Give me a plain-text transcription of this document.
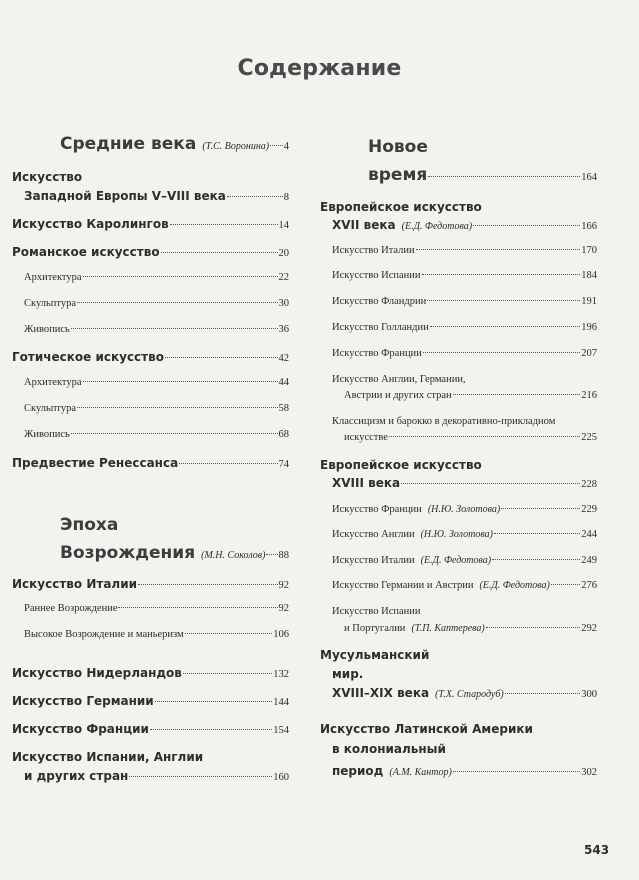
Содержание
Средние века (Т.С. Воронина) 4
Искусство
Западной Европы V–VIII века	8
Искусство Каролингов	14
Романское искусство	20
Архитектура	22
Скульптура	30
Живопись	36
Готическое искусство	42
Архитектура	44
Скульптура	58
Живопись	68
Предвестие Ренессанса	74
Эпоха
Возрождения (М.Н. Соколов) 88
Искусство Италии	92
Раннее Возрождение	92
Высокое Возрождение и маньеризм	106
Искусство Нидерландов	132
Искусство Германии	144
Искусство Франции	154
Искусство Испании, Англии
и других стран	160
Новое
время	164
Европейское искусство
XVII века (Е.Д. Федотова)	166
Искусство Италии	170
Искусство Испании	184
Искусство Фландрии	191
Искусство Голландии	196
Искусство Франции	207
Искусство Англии, Германии,
Австрии и других стран	216
Классицизм и барокко в декоративно-прикладном
искусстве	225
Европейское искусство
XVIII века	228
Искусство Франции (Н.Ю. Золотова)	229
Искусство Англии (Н.Ю. Золотова)	244
Искусство Италии (Е.Д. Федотова)	249
Искусство Германии и Австрии (Е.Д. Федотова)	276
Искусство Испании
и Португалии (Т.П. Каптерева)	292
Мусульманский
мир.
XVIII–XIX века (Т.Х. Стародуб)	300
Искусство Латинской Америки
в колониальный
период (А.М. Кантор)	302
543
